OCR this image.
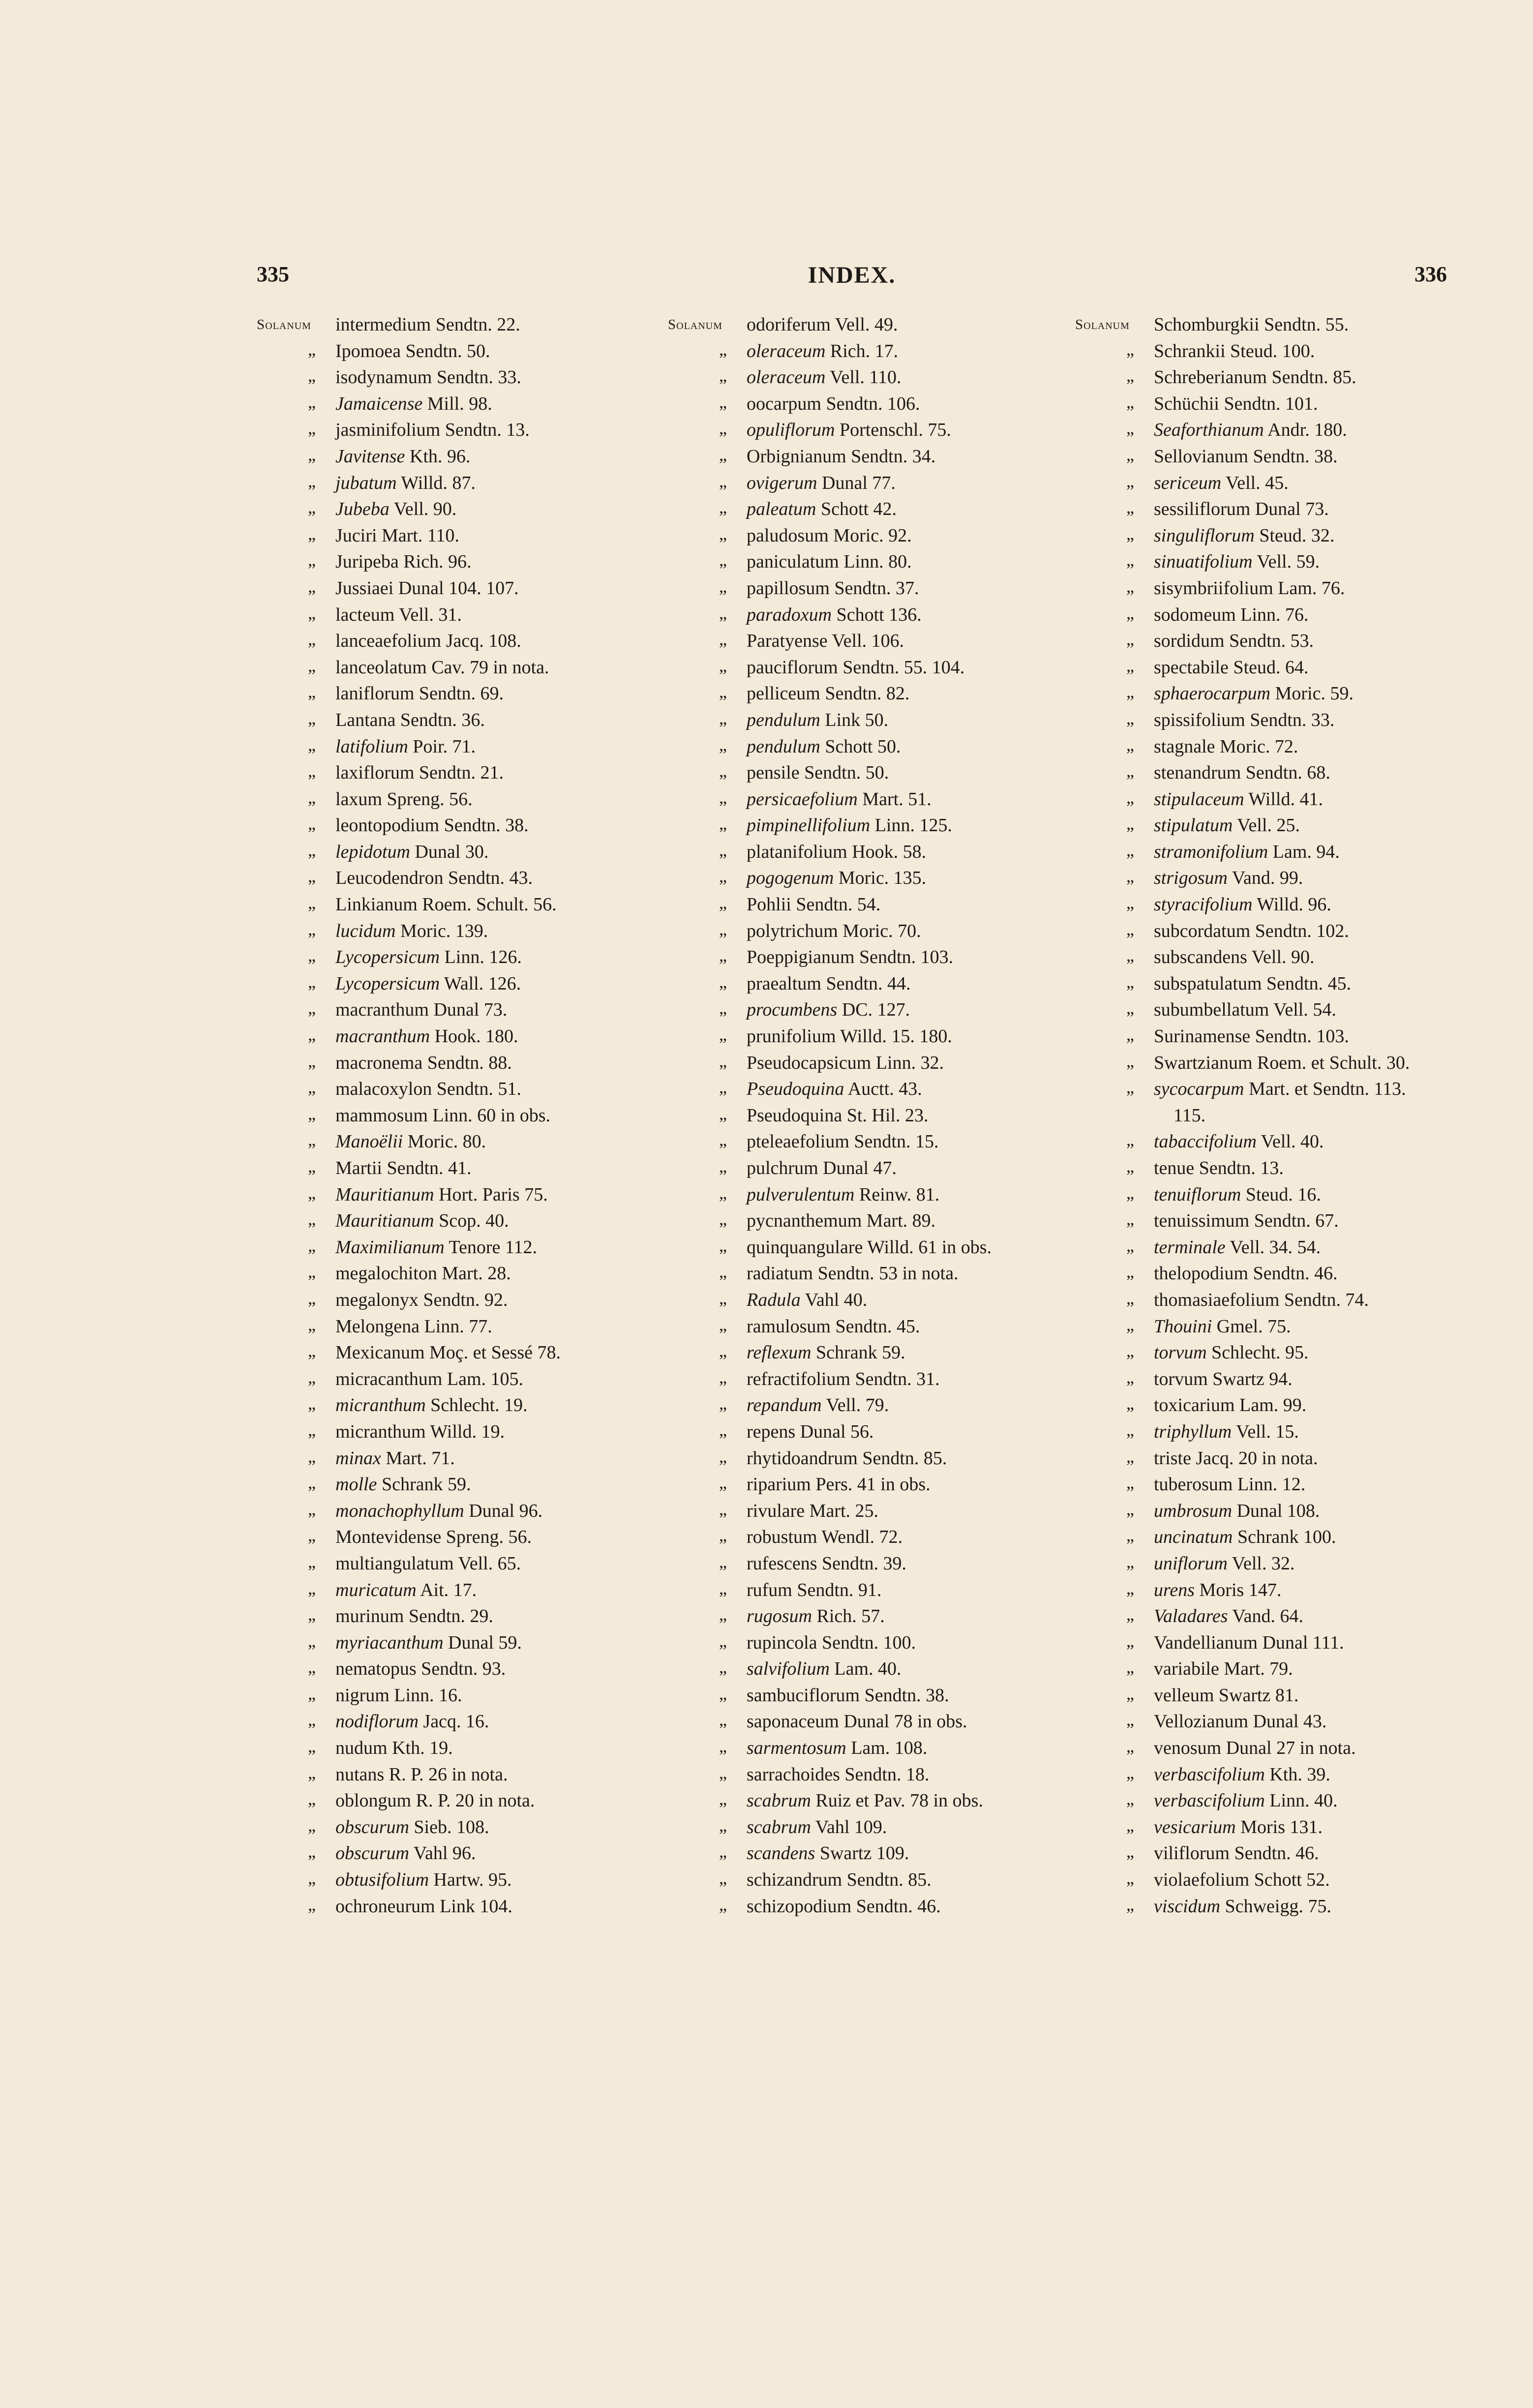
335	INDEX.	336
Solanum intermedium Sendtn. 22.
„ Ipomoea Sendtn. 50.
„ isodynamum Sendtn. 33.
„ Jamaicense Mill. 98.
„ jasminifolium Sendtn. 13.
„ Javitense Kth. 96.
„ jubatum Willd. 87.
„ Jubeba Vell. 90.
„ Juciri Mart. 110.
„ Juripeba Rich. 96.
„ Jussiaei Dunal 104. 107.
„ lacteum Vell. 31.
„ lanceaefolium Jacq. 108.
„ lanceolatum Cav. 79 in nota.
„ laniflorum Sendtn. 69.
„ Lantana Sendtn. 36.
„ latifolium Poir. 71.
„ laxiflorum Sendtn. 21.
„ laxum Spreng. 56.
„ leontopodium Sendtn. 38.
„ lepidotum Dunal 30.
„ Leucodendron Sendtn. 43.
„ Linkianum Roem. Schult. 56.
„ lucidum Moric. 139.
„ Lycopersicum Linn. 126.
„ Lycopersicum Wall. 126.
„ macranthum Dunal 73.
„ macranthum Hook. 180.
„ macronema Sendtn. 88.
„ malacoxylon Sendtn. 51.
„ mammosum Linn. 60 in obs.
„ Manoëlii Moric. 80.
„ Martii Sendtn. 41.
„ Mauritianum Hort. Paris 75.
„ Mauritianum Scop. 40.
„ Maximilianum Tenore 112.
„ megalochiton Mart. 28.
„ megalonyx Sendtn. 92.
„ Melongena Linn. 77.
„ Mexicanum Moç. et Sessé 78.
„ micracanthum Lam. 105.
„ micranthum Schlecht. 19.
„ micranthum Willd. 19.
„ minax Mart. 71.
„ molle Schrank 59.
„ monachophyllum Dunal 96.
„ Montevidense Spreng. 56.
„ multiangulatum Vell. 65.
„ muricatum Ait. 17.
„ murinum Sendtn. 29.
„ myriacanthum Dunal 59.
„ nematopus Sendtn. 93.
„ nigrum Linn. 16.
„ nodiflorum Jacq. 16.
„ nudum Kth. 19.
„ nutans R. P. 26 in nota.
„ oblongum R. P. 20 in nota.
„ obscurum Sieb. 108.
„ obscurum Vahl 96.
„ obtusifolium Hartw. 95.
„ ochroneurum Link 104.
Solanum odoriferum Vell. 49.
„ oleraceum Rich. 17.
„ oleraceum Vell. 110.
„ oocarpum Sendtn. 106.
„ opuliflorum Portenschl. 75.
„ Orbignianum Sendtn. 34.
„ ovigerum Dunal 77.
„ paleatum Schott 42.
„ paludosum Moric. 92.
„ paniculatum Linn. 80.
„ papillosum Sendtn. 37.
„ paradoxum Schott 136.
„ Paratyense Vell. 106.
„ pauciflorum Sendtn. 55. 104.
„ pelliceum Sendtn. 82.
„ pendulum Link 50.
„ pendulum Schott 50.
„ pensile Sendtn. 50.
„ persicaefolium Mart. 51.
„ pimpinellifolium Linn. 125.
„ platanifolium Hook. 58.
„ pogogenum Moric. 135.
„ Pohlii Sendtn. 54.
„ polytrichum Moric. 70.
„ Poeppigianum Sendtn. 103.
„ praealtum Sendtn. 44.
„ procumbens DC. 127.
„ prunifolium Willd. 15. 180.
„ Pseudocapsicum Linn. 32.
„ Pseudoquina Auctt. 43.
„ Pseudoquina St. Hil. 23.
„ pteleaefolium Sendtn. 15.
„ pulchrum Dunal 47.
„ pulverulentum Reinw. 81.
„ pycnanthemum Mart. 89.
„ quinquangulare Willd. 61 in obs.
„ radiatum Sendtn. 53 in nota.
„ Radula Vahl 40.
„ ramulosum Sendtn. 45.
„ reflexum Schrank 59.
„ refractifolium Sendtn. 31.
„ repandum Vell. 79.
„ repens Dunal 56.
„ rhytidoandrum Sendtn. 85.
„ riparium Pers. 41 in obs.
„ rivulare Mart. 25.
„ robustum Wendl. 72.
„ rufescens Sendtn. 39.
„ rufum Sendtn. 91.
„ rugosum Rich. 57.
„ rupincola Sendtn. 100.
„ salvifolium Lam. 40.
„ sambuciflorum Sendtn. 38.
„ saponaceum Dunal 78 in obs.
„ sarmentosum Lam. 108.
„ sarrachoides Sendtn. 18.
„ scabrum Ruiz et Pav. 78 in obs.
„ scabrum Vahl 109.
„ scandens Swartz 109.
„ schizandrum Sendtn. 85.
„ schizopodium Sendtn. 46.
Solanum Schomburgkii Sendtn. 55.
„ Schrankii Steud. 100.
„ Schreberianum Sendtn. 85.
„ Schüchii Sendtn. 101.
„ Seaforthianum Andr. 180.
„ Sellovianum Sendtn. 38.
„ sericeum Vell. 45.
„ sessiliflorum Dunal 73.
„ singuliflorum Steud. 32.
„ sinuatifolium Vell. 59.
„ sisymbriifolium Lam. 76.
„ sodomeum Linn. 76.
„ sordidum Sendtn. 53.
„ spectabile Steud. 64.
„ sphaerocarpum Moric. 59.
„ spissifolium Sendtn. 33.
„ stagnale Moric. 72.
„ stenandrum Sendtn. 68.
„ stipulaceum Willd. 41.
„ stipulatum Vell. 25.
„ stramonifolium Lam. 94.
„ strigosum Vand. 99.
„ styracifolium Willd. 96.
„ subcordatum Sendtn. 102.
„ subscandens Vell. 90.
„ subspatulatum Sendtn. 45.
„ subumbellatum Vell. 54.
„ Surinamense Sendtn. 103.
„ Swartzianum Roem. et Schult. 30.
„ sycocarpum Mart. et Sendtn. 113.
115.
„ tabaccifolium Vell. 40.
„ tenue Sendtn. 13.
„ tenuiflorum Steud. 16.
„ tenuissimum Sendtn. 67.
„ terminale Vell. 34. 54.
„ thelopodium Sendtn. 46.
„ thomasiaefolium Sendtn. 74.
„ Thouini Gmel. 75.
„ torvum Schlecht. 95.
„ torvum Swartz 94.
„ toxicarium Lam. 99.
„ triphyllum Vell. 15.
„ triste Jacq. 20 in nota.
„ tuberosum Linn. 12.
„ umbrosum Dunal 108.
„ uncinatum Schrank 100.
„ uniflorum Vell. 32.
„ urens Moris 147.
„ Valadares Vand. 64.
„ Vandellianum Dunal 111.
„ variabile Mart. 79.
„ velleum Swartz 81.
„ Vellozianum Dunal 43.
„ venosum Dunal 27 in nota.
„ verbascifolium Kth. 39.
„ verbascifolium Linn. 40.
„ vesicarium Moris 131.
„ viliflorum Sendtn. 46.
„ violaefolium Schott 52.
„ viscidum Schweigg. 75.
